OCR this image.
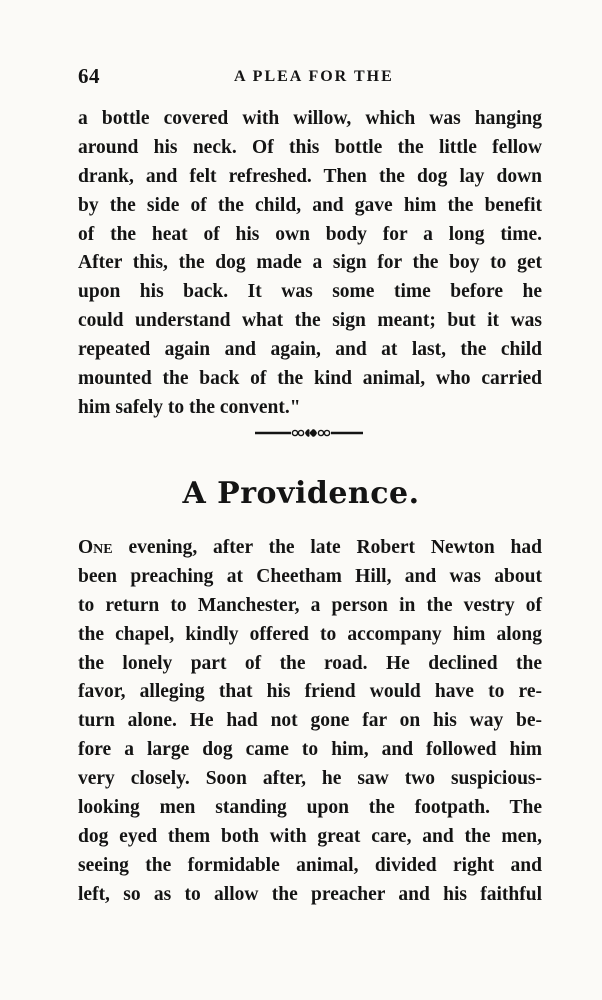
64	A PLEA FOR THE
a bottle covered with willow, which was hanging
around his neck. Of this bottle the little fellow
drank, and felt refreshed. Then the dog lay down
by the side of the child, and gave him the benefit
of the heat of his own body for a long time.
After this, the dog made a sign for the boy to get
upon his back. It was some time before he
could understand what the sign meant; but it was
repeated again and again, and at last, the child
mounted the back of the kind animal, who carried
him safely to the convent."
A Providence.
One evening, after the late Robert Newton had
been preaching at Cheetham Hill, and was about
to return to Manchester, a person in the vestry of
the chapel, kindly offered to accompany him along
the lonely part of the road. He declined the
favor, alleging that his friend would have to re-
turn alone. He had not gone far on his way be-
fore a large dog came to him, and followed him
very closely. Soon after, he saw two suspicious-
looking men standing upon the footpath. The
dog eyed them both with great care, and the men,
seeing the formidable animal, divided right and
left, so as to allow the preacher and his faithful
